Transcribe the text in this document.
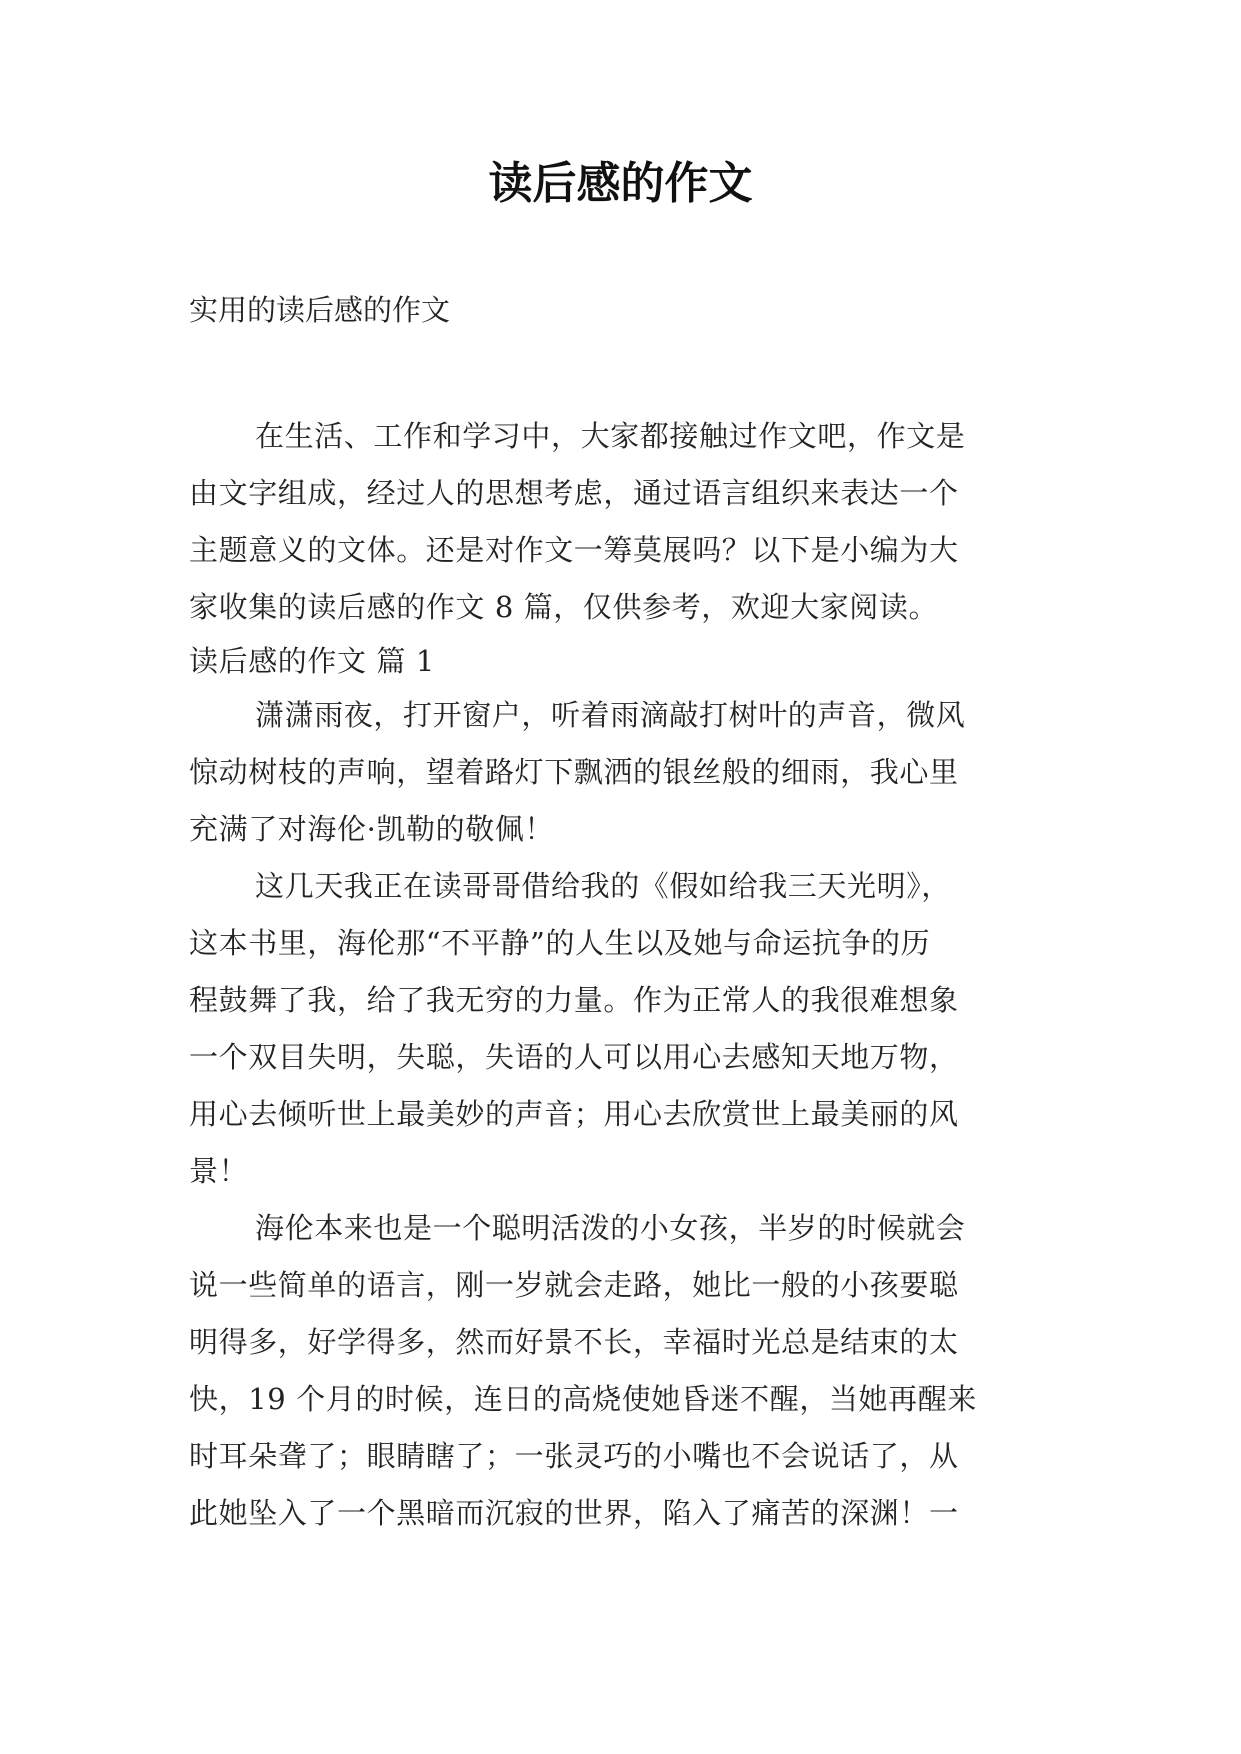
读后感的作文
实用的读后感的作文
在生活、工作和学习中，大家都接触过作文吧，作文是
由文字组成，经过人的思想考虑，通过语言组织来表达一个
主题意义的文体。还是对作文一筹莫展吗？以下是小编为大
家收集的读后感的作文 8 篇，仅供参考，欢迎大家阅读。
读后感的作文 篇 1
潇潇雨夜，打开窗户，听着雨滴敲打树叶的声音，微风
惊动树枝的声响，望着路灯下飘洒的银丝般的细雨，我心里
充满了对海伦·凯勒的敬佩！
这几天我正在读哥哥借给我的《假如给我三天光明》，
这本书里，海伦那“不平静”的人生以及她与命运抗争的历
程鼓舞了我，给了我无穷的力量。作为正常人的我很难想象
一个双目失明，失聪，失语的人可以用心去感知天地万物，
用心去倾听世上最美妙的声音；用心去欣赏世上最美丽的风
景！
海伦本来也是一个聪明活泼的小女孩，半岁的时候就会
说一些简单的语言，刚一岁就会走路，她比一般的小孩要聪
明得多，好学得多，然而好景不长，幸福时光总是结束的太
快，19 个月的时候，连日的高烧使她昏迷不醒，当她再醒来
时耳朵聋了；眼睛瞎了；一张灵巧的小嘴也不会说话了，从
此她坠入了一个黑暗而沉寂的世界，陷入了痛苦的深渊！一
